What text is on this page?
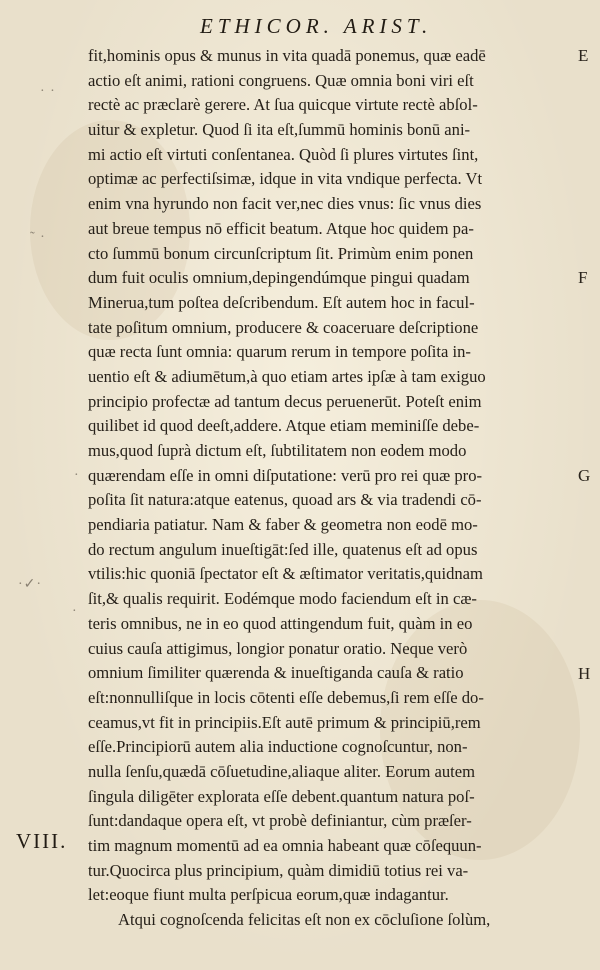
ETHICOR. ARIST.
fit,hominis opus & munus in vita quadā ponemus, quæ eadē
actio eſt animi, rationi congruens. Quæ omnia boni viri eſt
rectè ac præclarè gerere. At ſua quicque virtute rectè abſol-
uitur & expletur. Quod ſi ita eſt,ſummū hominis bonū ani-
mi actio eſt virtuti conſentanea. Quòd ſi plures virtutes ſint,
optimæ ac perfectiſsimæ, idque in vita vndique perfecta. Vt
enim vna hyrundo non facit ver,nec dies vnus: ſic vnus dies
aut breue tempus nō efficit beatum. Atque hoc quidem pa-
cto ſummū bonum circunſcriptum ſit. Primùm enim ponen
dum fuit oculis omnium,depingendúmque pingui quadam
Minerua,tum poſtea deſcribendum. Eſt autem hoc in facul-
tate poſitum omnium, producere & coaceruare deſcriptione
quæ recta ſunt omnia: quarum rerum in tempore poſita in-
uentio eſt & adiumētum,à quo etiam artes ipſæ à tam exiguo
principio profectæ ad tantum decus peruenerūt. Poteſt enim
quilibet id quod deeſt,addere. Atque etiam meminiſſe debe-
mus,quod ſuprà dictum eſt, ſubtilitatem non eodem modo
quærendam eſſe in omni diſputatione: verū pro rei quæ pro-
poſita ſit natura:atque eatenus, quoad ars & via tradendi cō-
pendiaria patiatur. Nam & faber & geometra non eodē mo-
do rectum angulum inueſtigāt:ſed ille, quatenus eſt ad opus
vtilis:hic quoniā ſpectator eſt & æſtimator veritatis,quidnam
ſit,& qualis requirit. Eodémque modo faciendum eſt in cæ-
teris omnibus, ne in eo quod attingendum fuit, quàm in eo
cuius cauſa attigimus, longior ponatur oratio. Neque verò
omnium ſimiliter quærenda & inueſtiganda cauſa & ratio
eſt:nonnulliſque in locis cōtenti eſſe debemus,ſi rem eſſe do-
ceamus,vt fit in principiis.Eſt autē primum & principiū,rem
eſſe.Principiorū autem alia inductione cognoſcuntur, non-
nulla ſenſu,quædā cōſuetudine,aliaque aliter. Eorum autem
ſingula diligēter explorata eſſe debent.quantum natura poſ-
ſunt:dandaque opera eſt, vt probè definiantur, cùm præſer-
tim magnum momentū ad ea omnia habeant quæ cōſequun-
tur.Quocirca plus principium, quàm dimidiū totius rei va-
let:eoque fiunt multa perſpicua eorum,quæ indagantur.
Atqui cognoſcenda felicitas eſt non ex cōcluſione ſolùm,
E
F
G
H
VIII.
· ·
˜ ·
·
·✓·
·
